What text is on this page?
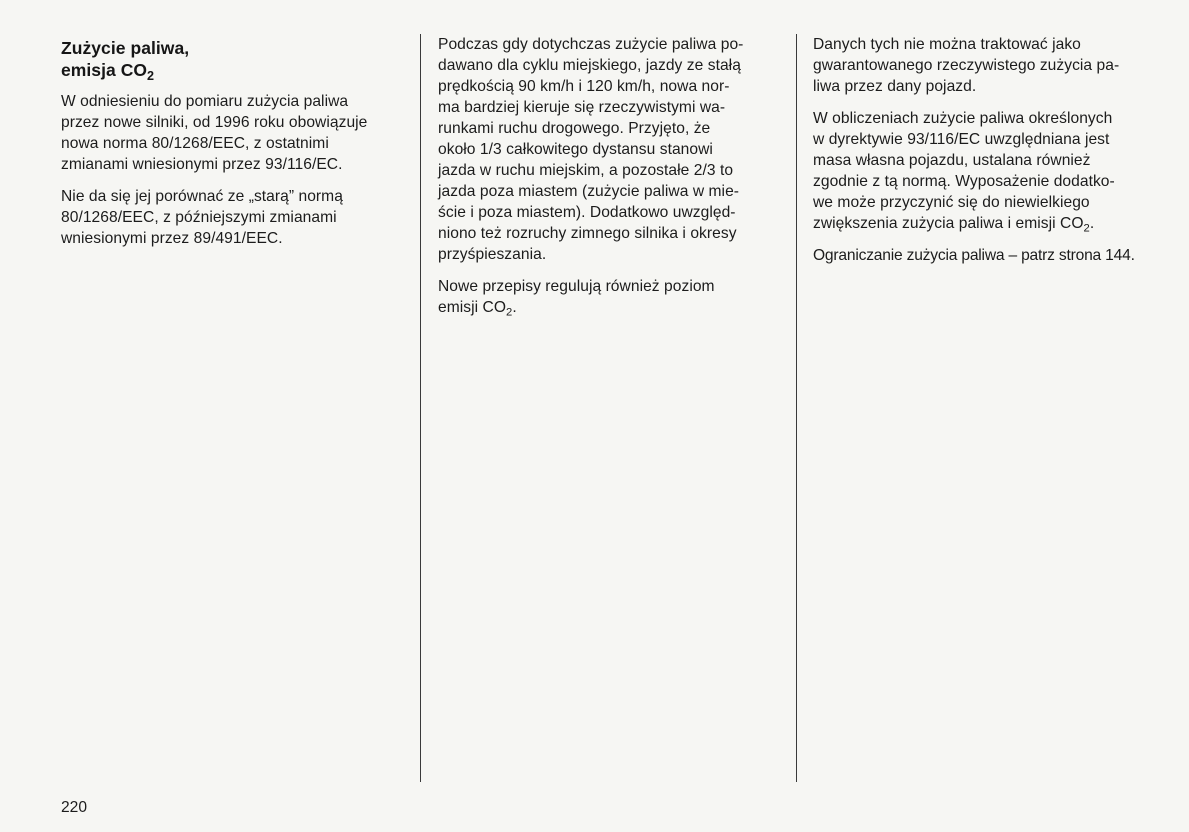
Zużycie paliwa,
emisja $CO_2$

W odniesieniu do pomiaru zużycia paliwa
przez nowe silniki, od 1996 roku obowiązuje
nowa norma 80/1268/EEC, z ostatnimi
zmianami wniesionymi przez 93/116/EC.

Nie da się jej porównać ze „starą” normą
80/1268/EEC, z późniejszymi zmianami
wniesionymi przez 89/491/EEC.

Podczas gdy dotychczas zużycie paliwa po-
dawano dla cyklu miejskiego, jazdy ze stałą
prędkością 90 km/h i 120 km/h, nowa nor-
ma bardziej kieruje się rzeczywistymi wa-
runkami ruchu drogowego. Przyjęto, że
około 1/3 całkowitego dystansu stanowi
jazda w ruchu miejskim, a pozostałe 2/3 to
jazda poza miastem (zużycie paliwa w mie-
ście i poza miastem). Dodatkowo uwzględ-
niono też rozruchy zimnego silnika i okresy
przyśpieszania.

Nowe przepisy regulują również poziom
emisji $CO_2$.

Danych tych nie można traktować jako
gwarantowanego rzeczywistego zużycia pa-
liwa przez dany pojazd.

W obliczeniach zużycie paliwa określonych
w dyrektywie 93/116/EC uwzględniana jest
masa własna pojazdu, ustalana również
zgodnie z tą normą. Wyposażenie dodatko-
we może przyczynić się do niewielkiego
zwiększenia zużycia paliwa i emisji $CO_2$.

Ograniczanie zużycia paliwa – patrz strona 144.

220
